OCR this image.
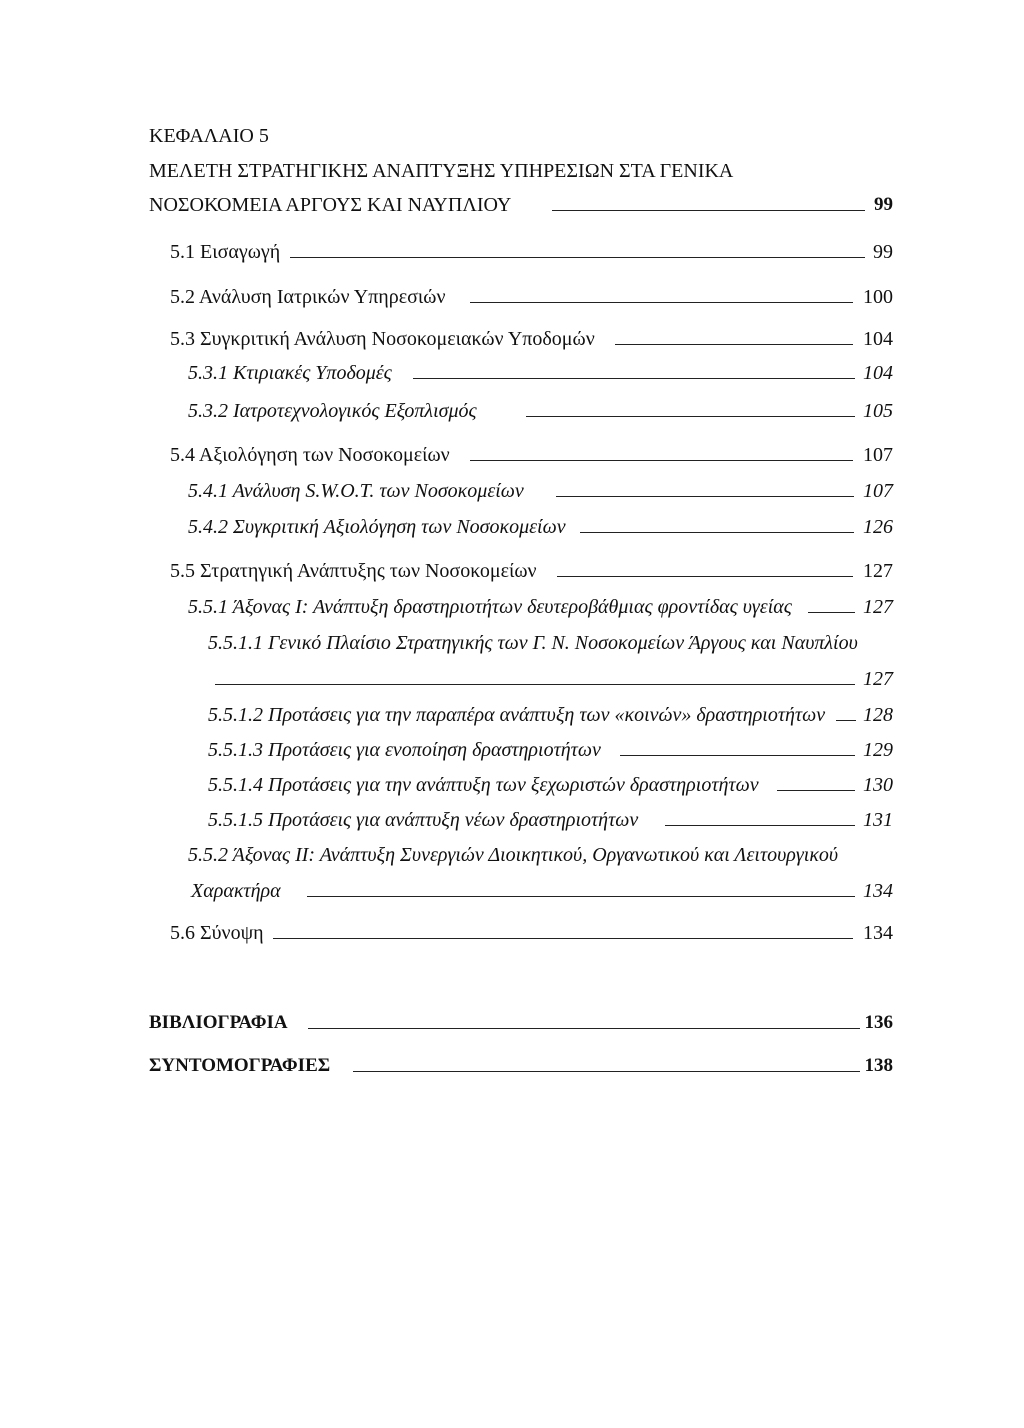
ΚΕΦΑΛΑΙΟ 5
ΜΕΛΕΤΗ ΣΤΡΑΤΗΓΙΚΗΣ ΑΝΑΠΤΥΞΗΣ ΥΠΗΡΕΣΙΩΝ ΣΤΑ ΓΕΝΙΚΑ
ΝΟΣΟΚΟΜΕΙΑ ΑΡΓΟΥΣ ΚΑΙ ΝΑΥΠΛΙΟΥ	99
5.1 Εισαγωγή	99
5.2 Ανάλυση Ιατρικών Υπηρεσιών	100
5.3 Συγκριτική Ανάλυση Νοσοκομειακών Υποδομών	104
5.3.1 Κτιριακές Υποδομές	104
5.3.2 Ιατροτεχνολογικός Εξοπλισμός	105
5.4 Αξιολόγηση των Νοσοκομείων	107
5.4.1 Ανάλυση S.W.O.T. των Νοσοκομείων	107
5.4.2 Συγκριτική Αξιολόγηση των Νοσοκομείων	126
5.5 Στρατηγική Ανάπτυξης των Νοσοκομείων	127
5.5.1 Άξονας Ι: Ανάπτυξη δραστηριοτήτων δευτεροβάθμιας φροντίδας υγείας	127
5.5.1.1 Γενικό Πλαίσιο Στρατηγικής των Γ. Ν. Νοσοκομείων Άργους και Ναυπλίου
127
5.5.1.2 Προτάσεις για την παραπέρα ανάπτυξη των «κοινών» δραστηριοτήτων 128
5.5.1.3 Προτάσεις για ενοποίηση δραστηριοτήτων	129
5.5.1.4 Προτάσεις για την ανάπτυξη των ξεχωριστών δραστηριοτήτων	130
5.5.1.5 Προτάσεις για ανάπτυξη νέων δραστηριοτήτων	131
5.5.2 Άξονας ΙΙ: Ανάπτυξη Συνεργιών Διοικητικού, Οργανωτικού και Λειτουργικού
Χαρακτήρα	134
5.6 Σύνοψη	134
ΒΙΒΛΙΟΓΡΑΦΙΑ	136
ΣΥΝΤΟΜΟΓΡΑΦΙΕΣ	138
